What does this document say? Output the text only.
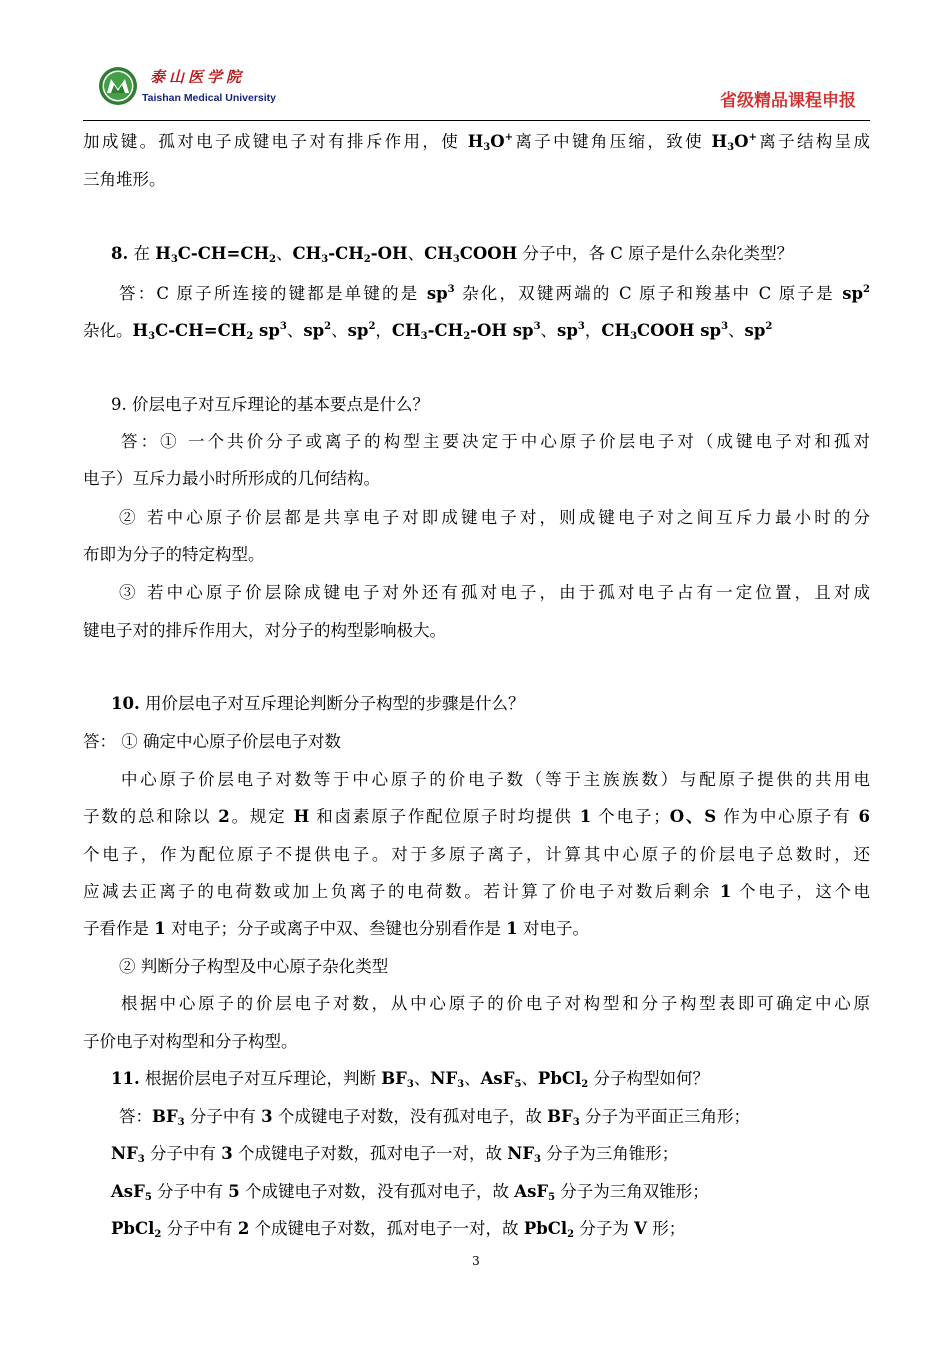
泰山医学院
Taishan Medical University	省级精品课程申报
加成键。孤对电子成键电子对有排斥作用，使 $H_3O^+$离子中键角压缩，致使 $H_3O^+$离子结构呈成
三角堆形。
8. 在 $H_3C-CH=CH_2$、$CH_3-CH_2-OH$、$CH_3COOH$ 分子中，各 C 原子是什么杂化类型？
答：C 原子所连接的键都是单键的是 $sp^3$ 杂化，双键两端的 C 原子和羧基中 C 原子是 $sp^2$
杂化。$H_3C-CH=CH_2$ $sp^3$、$sp^2$、$sp^2$，$CH_3-CH_2-OH$ $sp^3$、$sp^3$，$CH_3COOH$ $sp^3$、$sp^2$
9. 价层电子对互斥理论的基本要点是什么？
答：① 一个共价分子或离子的构型主要决定于中心原子价层电子对（成键电子对和孤对
电子）互斥力最小时所形成的几何结构。
② 若中心原子价层都是共享电子对即成键电子对，则成键电子对之间互斥力最小时的分
布即为分子的特定构型。
③ 若中心原子价层除成键电子对外还有孤对电子，由于孤对电子占有一定位置，且对成
键电子对的排斥作用大，对分子的构型影响极大。
10. 用价层电子对互斥理论判断分子构型的步骤是什么？
答： ① 确定中心原子价层电子对数
中心原子价层电子对数等于中心原子的价电子数（等于主族族数）与配原子提供的共用电
子数的总和除以 2。规定 H 和卤素原子作配位原子时均提供 1 个电子；O、S 作为中心原子有 6
个电子，作为配位原子不提供电子。对于多原子离子，计算其中心原子的价层电子总数时，还
应减去正离子的电荷数或加上负离子的电荷数。若计算了价电子对数后剩余 1 个电子，这个电
子看作是 1 对电子；分子或离子中双、叁键也分别看作是 1 对电子。
② 判断分子构型及中心原子杂化类型
根据中心原子的价层电子对数，从中心原子的价电子对构型和分子构型表即可确定中心原
子价电子对构型和分子构型。
11. 根据价层电子对互斥理论，判断 $BF_3$、$NF_3$、AsF$_5$、PbCl$_2$ 分子构型如何？
答：$BF_3$ 分子中有 3 个成键电子对数，没有孤对电子，故 $BF_3$ 分子为平面正三角形；
$NF_3$ 分子中有 3 个成键电子对数，孤对电子一对，故 $NF_3$ 分子为三角锥形；
AsF$_5$ 分子中有 5 个成键电子对数，没有孤对电子，故 AsF$_5$ 分子为三角双锥形；
PbCl$_2$ 分子中有 2 个成键电子对数，孤对电子一对，故 PbCl$_2$ 分子为 V 形；
3
